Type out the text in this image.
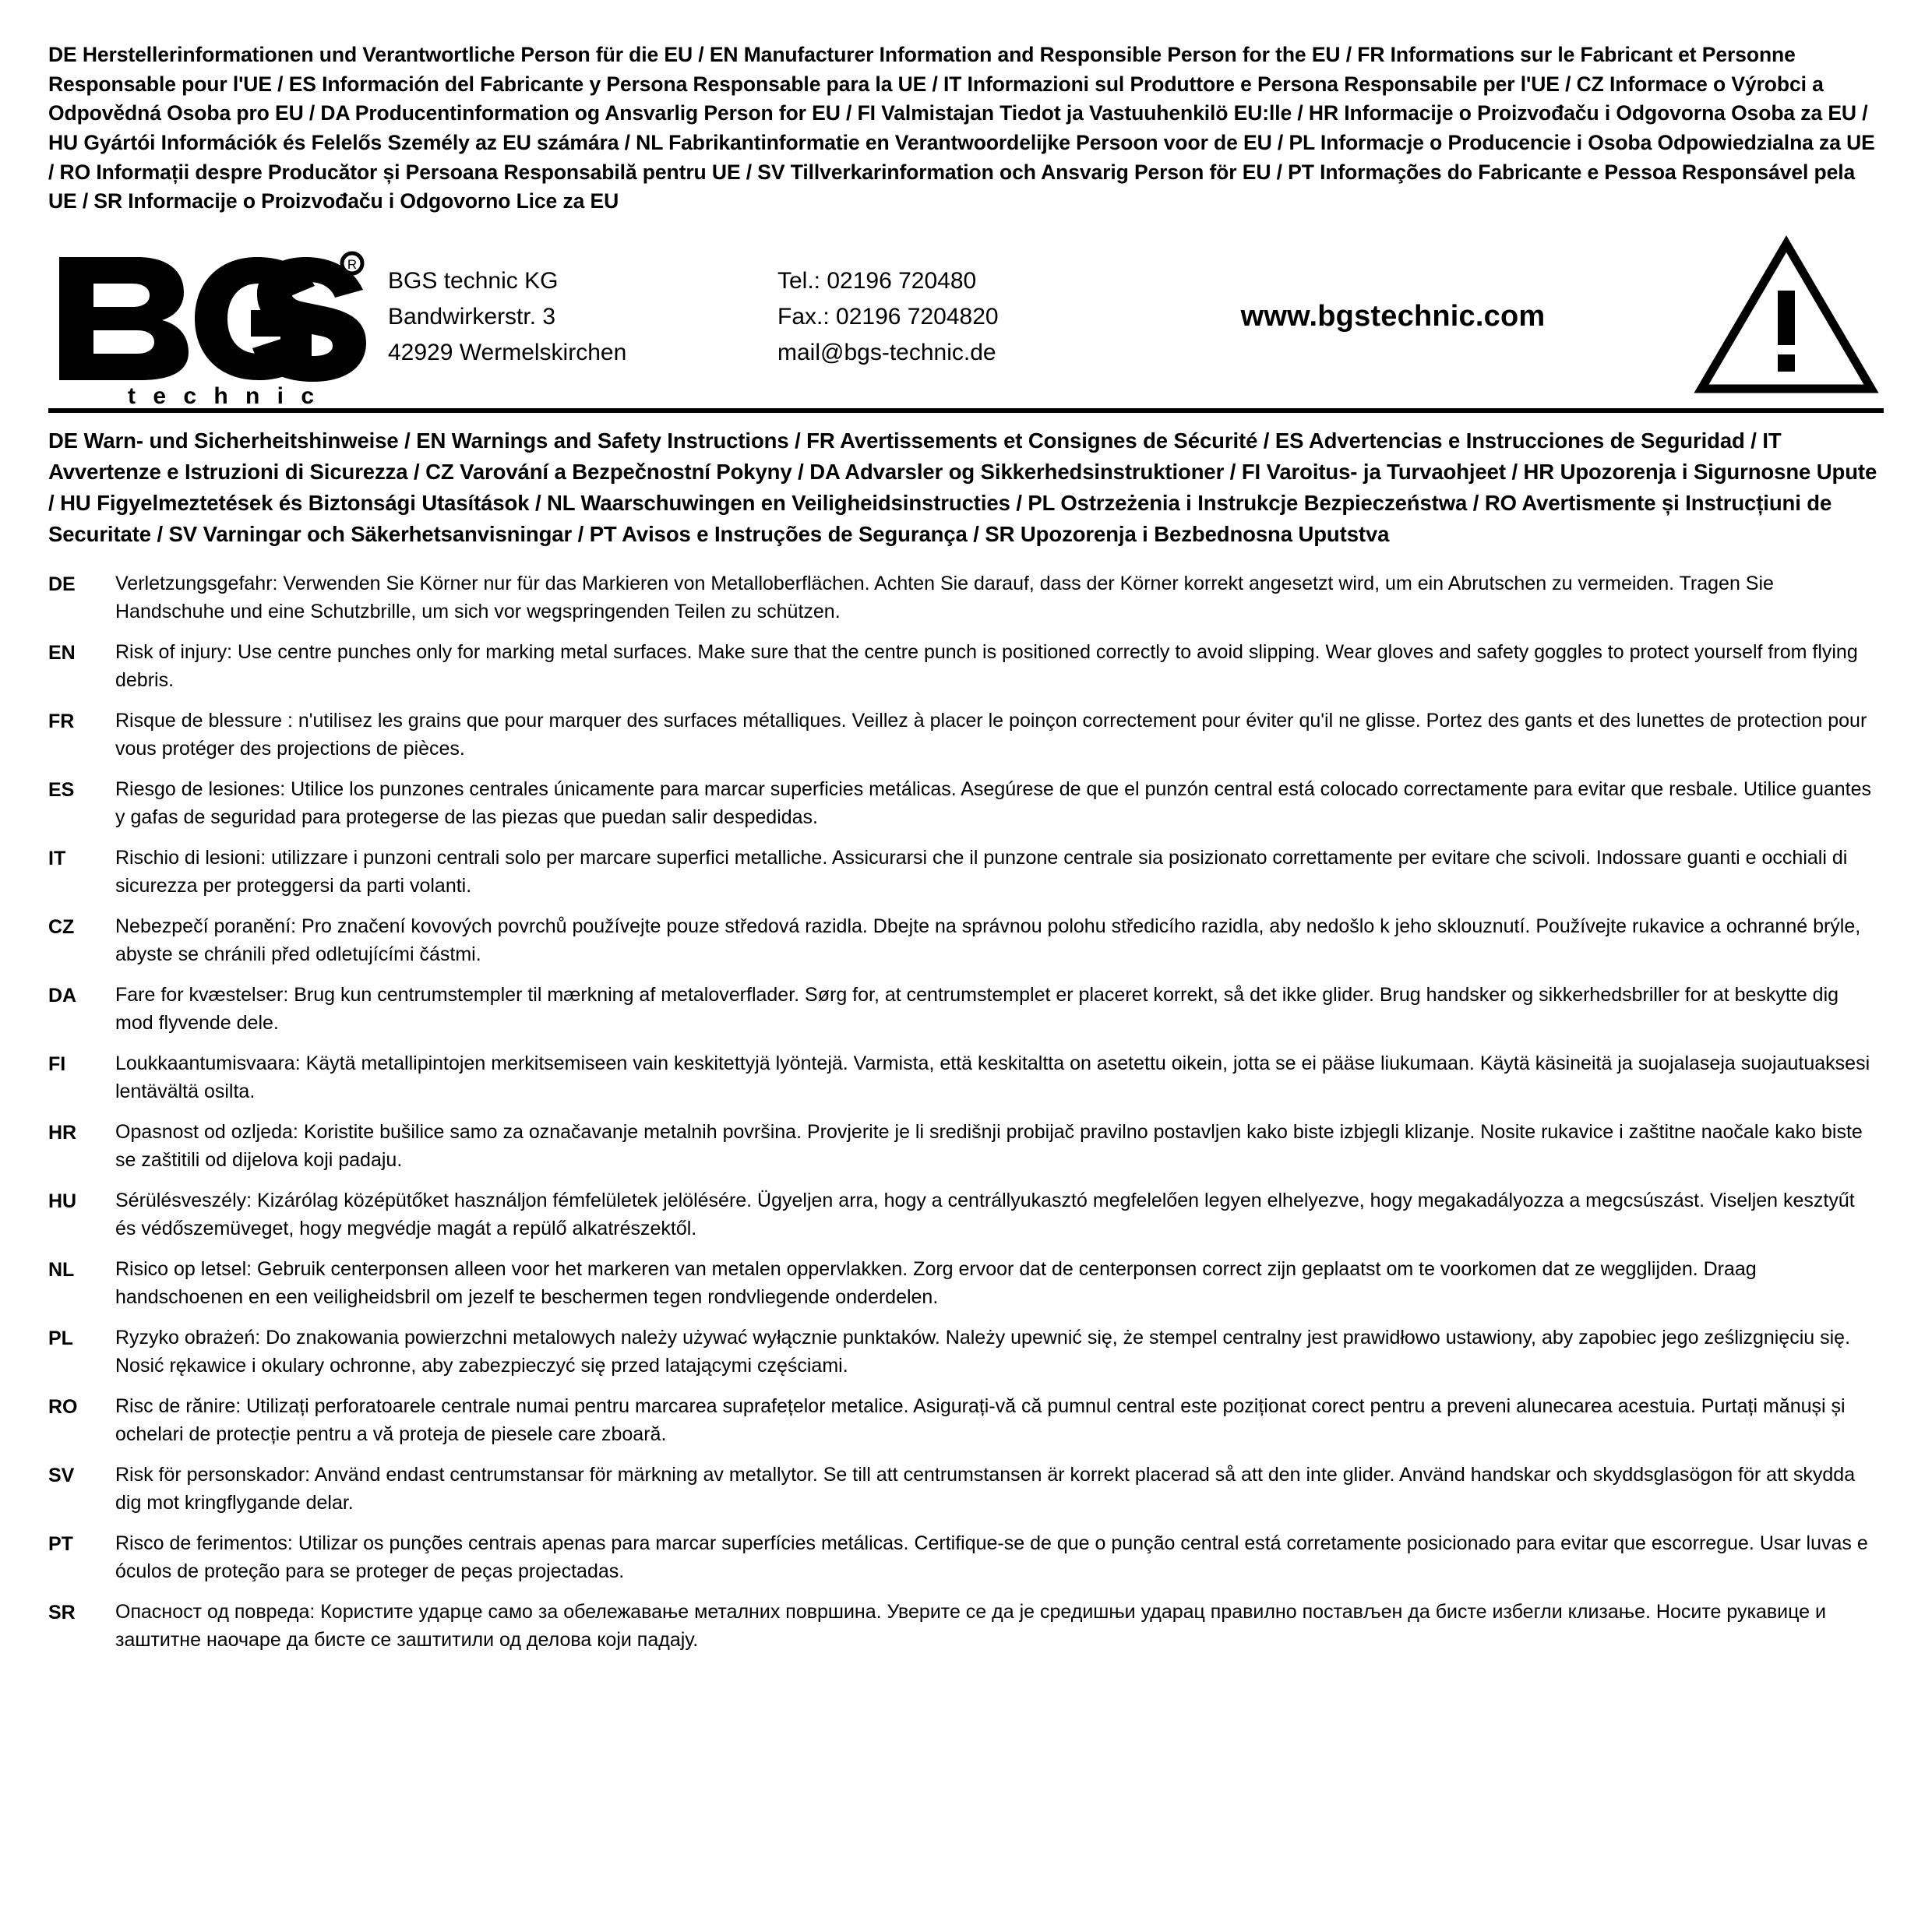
DE Herstellerinformationen und Verantwortliche Person für die EU / EN Manufacturer Information and Responsible Person for the EU / FR Informations sur le Fabricant et Personne Responsable pour l'UE / ES Información del Fabricante y Persona Responsable para la UE / IT Informazioni sul Produttore e Persona Responsabile per l'UE / CZ Informace o Výrobci a Odpovědná Osoba pro EU / DA Producentinformation og Ansvarlig Person for EU / FI Valmistajan Tiedot ja Vastuuhenkilö EU:lle / HR Informacije o Proizvođaču i Odgovorna Osoba za EU / HU Gyártói Információk és Felelős Személy az EU számára / NL Fabrikantinformatie en Verantwoordelijke Persoon voor de EU / PL Informacje o Producencie i Osoba Odpowiedzialna za UE / RO Informații despre Producător și Persoana Responsabilă pentru UE / SV Tillverkarinformation och Ansvarig Person för EU / PT Informações do Fabricante e Pessoa Responsável pela UE / SR Informacije o Proizvođaču i Odgovorno Lice za EU
R
t e c h n i c
BGS technic KG
Bandwirkerstr. 3
42929 Wermelskirchen
Tel.: 02196 720480
Fax.: 02196 7204820
mail@bgs-technic.de
www.bgstechnic.com
DE Warn- und Sicherheitshinweise / EN Warnings and Safety Instructions / FR Avertissements et Consignes de Sécurité / ES Advertencias e Instrucciones de Seguridad / IT Avvertenze e Istruzioni di Sicurezza / CZ Varování a Bezpečnostní Pokyny / DA Advarsler og Sikkerhedsinstruktioner / FI Varoitus- ja Turvaohjeet / HR Upozorenja i Sigurnosne Upute / HU Figyelmeztetések és Biztonsági Utasítások / NL Waarschuwingen en Veiligheidsinstructies / PL Ostrzeżenia i Instrukcje Bezpieczeństwa / RO Avertismente și Instrucțiuni de Securitate / SV Varningar och Säkerhetsanvisningar / PT Avisos e Instruções de Segurança / SR Upozorenja i Bezbednosna Uputstva
DE	Verletzungsgefahr: Verwenden Sie Körner nur für das Markieren von Metalloberflächen. Achten Sie darauf, dass der Körner korrekt angesetzt wird, um ein Abrutschen zu vermeiden. Tragen Sie Handschuhe und eine Schutzbrille, um sich vor wegspringenden Teilen zu schützen.
EN	Risk of injury: Use centre punches only for marking metal surfaces. Make sure that the centre punch is positioned correctly to avoid slipping. Wear gloves and safety goggles to protect yourself from flying debris.
FR	Risque de blessure : n'utilisez les grains que pour marquer des surfaces métalliques. Veillez à placer le poinçon correctement pour éviter qu'il ne glisse. Portez des gants et des lunettes de protection pour vous protéger des projections de pièces.
ES	Riesgo de lesiones: Utilice los punzones centrales únicamente para marcar superficies metálicas. Asegúrese de que el punzón central está colocado correctamente para evitar que resbale. Utilice guantes y gafas de seguridad para protegerse de las piezas que puedan salir despedidas.
IT	Rischio di lesioni: utilizzare i punzoni centrali solo per marcare superfici metalliche. Assicurarsi che il punzone centrale sia posizionato correttamente per evitare che scivoli. Indossare guanti e occhiali di sicurezza per proteggersi da parti volanti.
CZ	Nebezpečí poranění: Pro značení kovových povrchů používejte pouze středová razidla. Dbejte na správnou polohu středicího razidla, aby nedošlo k jeho sklouznutí. Používejte rukavice a ochranné brýle, abyste se chránili před odletujícími částmi.
DA	Fare for kvæstelser: Brug kun centrumstempler til mærkning af metaloverflader. Sørg for, at centrumstemplet er placeret korrekt, så det ikke glider. Brug handsker og sikkerhedsbriller for at beskytte dig mod flyvende dele.
FI	Loukkaantumisvaara: Käytä metallipintojen merkitsemiseen vain keskitettyjä lyöntejä. Varmista, että keskitaltta on asetettu oikein, jotta se ei pääse liukumaan. Käytä käsineitä ja suojalaseja suojautuaksesi lentävältä osilta.
HR	Opasnost od ozljeda: Koristite bušilice samo za označavanje metalnih površina. Provjerite je li središnji probijač pravilno postavljen kako biste izbjegli klizanje. Nosite rukavice i zaštitne naočale kako biste se zaštitili od dijelova koji padaju.
HU	Sérülésveszély: Kizárólag középütőket használjon fémfelületek jelölésére. Ügyeljen arra, hogy a centrállyukasztó megfelelően legyen elhelyezve, hogy megakadályozza a megcsúszást. Viseljen kesztyűt és védőszemüveget, hogy megvédje magát a repülő alkatrészektől.
NL	Risico op letsel: Gebruik centerponsen alleen voor het markeren van metalen oppervlakken. Zorg ervoor dat de centerponsen correct zijn geplaatst om te voorkomen dat ze wegglijden. Draag handschoenen en een veiligheidsbril om jezelf te beschermen tegen rondvliegende onderdelen.
PL	Ryzyko obrażeń: Do znakowania powierzchni metalowych należy używać wyłącznie punktaków. Należy upewnić się, że stempel centralny jest prawidłowo ustawiony, aby zapobiec jego ześlizgnięciu się. Nosić rękawice i okulary ochronne, aby zabezpieczyć się przed latającymi częściami.
RO	Risc de rănire: Utilizați perforatoarele centrale numai pentru marcarea suprafețelor metalice. Asigurați-vă că pumnul central este poziționat corect pentru a preveni alunecarea acestuia. Purtați mănuși și ochelari de protecție pentru a vă proteja de piesele care zboară.
SV	Risk för personskador: Använd endast centrumstansar för märkning av metallytor. Se till att centrumstansen är korrekt placerad så att den inte glider. Använd handskar och skyddsglasögon för att skydda dig mot kringflygande delar.
PT	Risco de ferimentos: Utilizar os punções centrais apenas para marcar superfícies metálicas. Certifique-se de que o punção central está corretamente posicionado para evitar que escorregue. Usar luvas e óculos de proteção para se proteger de peças projectadas.
SR	Опасност од повреда: Користите ударце само за обележавање металних површина. Уверите се да је средишњи ударац правилно постављен да бисте избегли клизање. Носите рукавице и заштитне наочаре да бисте се заштитили од делова који падају.
